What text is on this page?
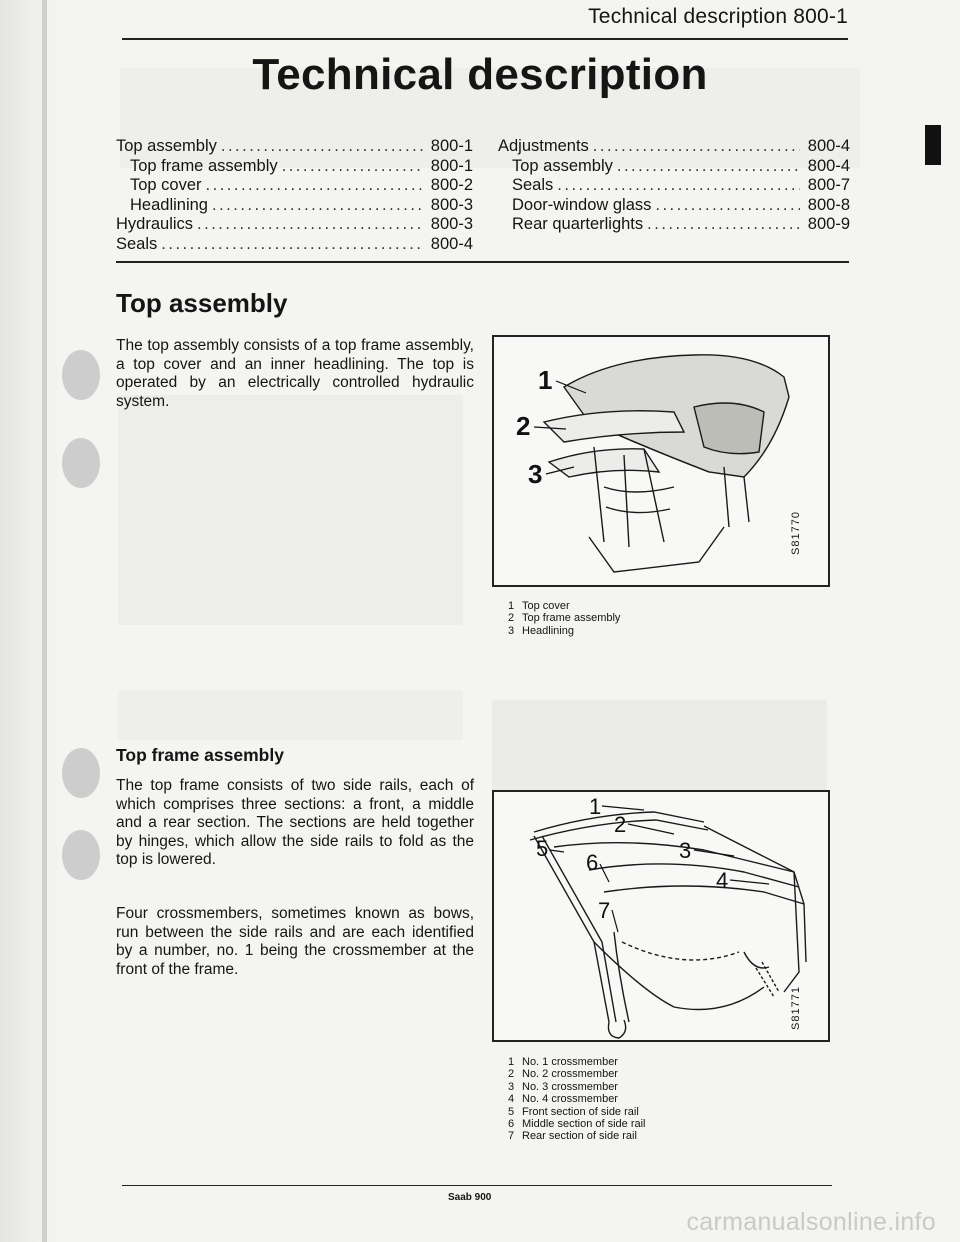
Technical description 800-1
Technical description
Top assembly .....	800-1
Top frame assembly .....	800-1
Top cover .....	800-2
Headlining .....	800-3
Hydraulics .....	800-3
Seals .....	800-4
Adjustments .....	800-4
Top assembly .....	800-4
Seals .....	800-7
Door-window glass .....	800-8
Rear quarterlights .....	800-9
Top assembly
The top assembly consists of a top frame assembly, a top cover and an inner headlining. The top is operated by an electrically controlled hydraulic system.
1
2
3
S81770
1 Top cover
2 Top frame assembly
3 Headlining
Top frame assembly
The top frame consists of two side rails, each of which comprises three sections: a front, a middle and a rear section. The sections are held together by hinges, which allow the side rails to fold as the top is lowered.
Four crossmembers, sometimes known as bows, run between the side rails and are each identified by a number, no. 1 being the crossmember at the front of the frame.
1
2
3
4
5
6
7
S81771
1 No. 1 crossmember
2 No. 2 crossmember
3 No. 3 crossmember
4 No. 4 crossmember
5 Front section of side rail
6 Middle section of side rail
7 Rear section of side rail
Saab 900
carmanualsonline.info
